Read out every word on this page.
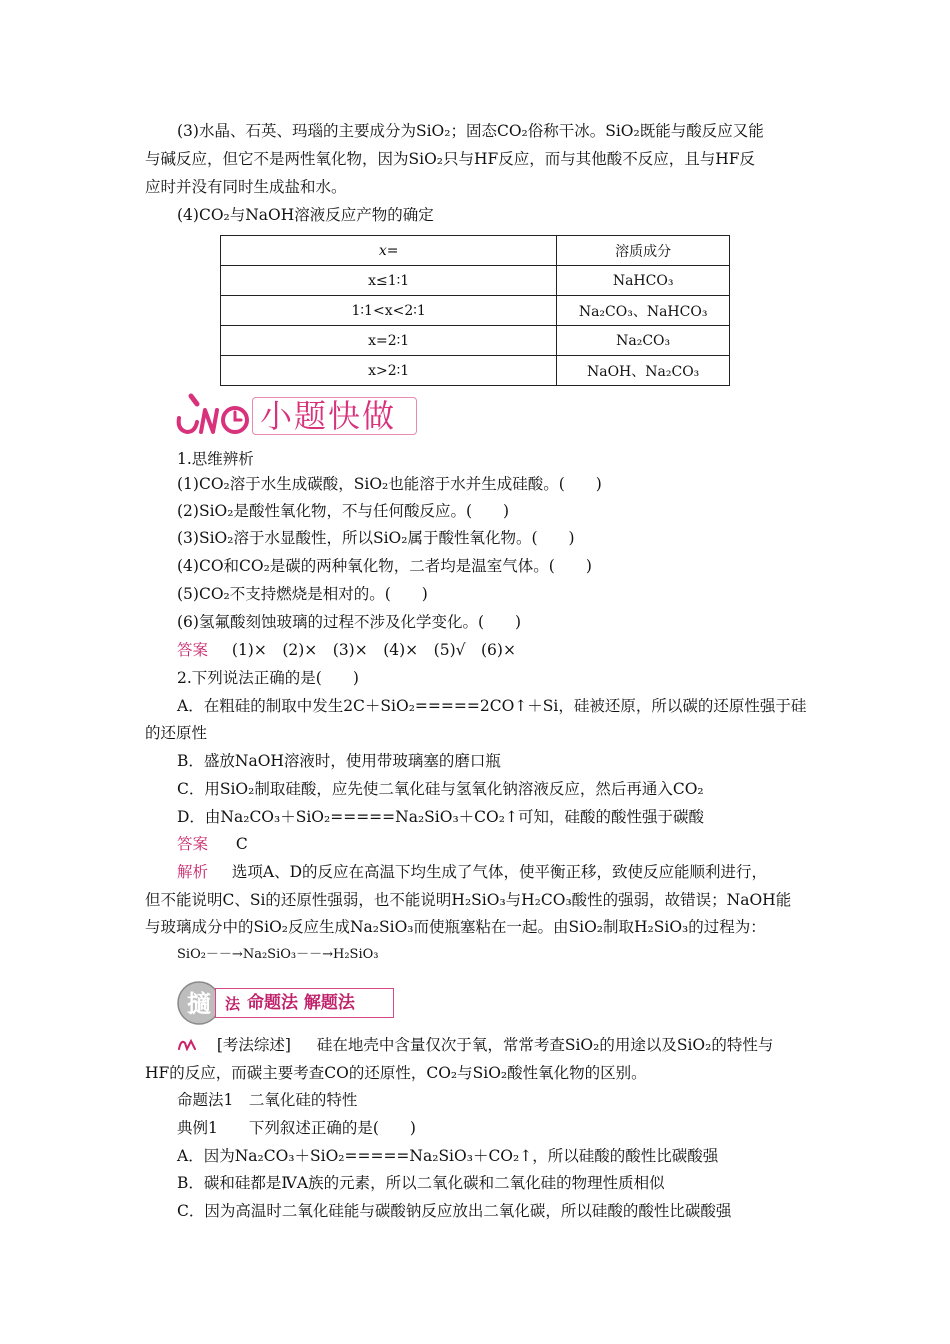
(3)水晶、石英、玛瑙的主要成分为SiO₂；固态CO₂俗称干冰。SiO₂既能与酸反应又能
与碱反应，但它不是两性氧化物，因为SiO₂只与HF反应，而与其他酸不反应，且与HF反
应时并没有同时生成盐和水。
(4)CO₂与NaOH溶液反应产物的确定
x=	溶质成分
x≤1∶1	NaHCO₃
1∶1<x<2∶1	Na₂CO₃、NaHCO₃
x=2∶1	Na₂CO₃
x>2∶1	NaOH、Na₂CO₃
小题快做
1.思维辨析
(1)CO₂溶于水生成碳酸，SiO₂也能溶于水并生成硅酸。(　　)
(2)SiO₂是酸性氧化物，不与任何酸反应。(　　)
(3)SiO₂溶于水显酸性，所以SiO₂属于酸性氧化物。(　　)
(4)CO和CO₂是碳的两种氧化物，二者均是温室气体。(　　)
(5)CO₂不支持燃烧是相对的。(　　)
(6)氢氟酸刻蚀玻璃的过程不涉及化学变化。(　　)
答案 (1)×　(2)×　(3)×　(4)×　(5)√　(6)×
2.下列说法正确的是(　　)
A．在粗硅的制取中发生2C＋SiO₂=====2CO↑＋Si，硅被还原，所以碳的还原性强于硅
的还原性
B．盛放NaOH溶液时，使用带玻璃塞的磨口瓶
C．用SiO₂制取硅酸，应先使二氧化硅与氢氧化钠溶液反应，然后再通入CO₂
D．由Na₂CO₃＋SiO₂=====Na₂SiO₃＋CO₂↑可知，硅酸的酸性强于碳酸
答案 C
解析 选项A、D的反应在高温下均生成了气体，使平衡正移，致使反应能顺利进行，
但不能说明C、Si的还原性强弱，也不能说明H₂SiO₃与H₂CO₃酸性的强弱，故错误；NaOH能
与玻璃成分中的SiO₂反应生成Na₂SiO₃而使瓶塞粘在一起。由SiO₂制取H₂SiO₃的过程为：
SiO₂－－→Na₂SiO₃－－→H₂SiO₃
擿 法 命题法 解题法
[考法综述] 硅在地壳中含量仅次于氧，常常考查SiO₂的用途以及SiO₂的特性与
HF的反应，而碳主要考查CO的还原性，CO₂与SiO₂酸性氧化物的区别。
命题法1　二氧化硅的特性
典例1　　下列叙述正确的是(　　)
A．因为Na₂CO₃＋SiO₂=====Na₂SiO₃＋CO₂↑，所以硅酸的酸性比碳酸强
B．碳和硅都是ⅣA族的元素，所以二氧化碳和二氧化硅的物理性质相似
C．因为高温时二氧化硅能与碳酸钠反应放出二氧化碳，所以硅酸的酸性比碳酸强
